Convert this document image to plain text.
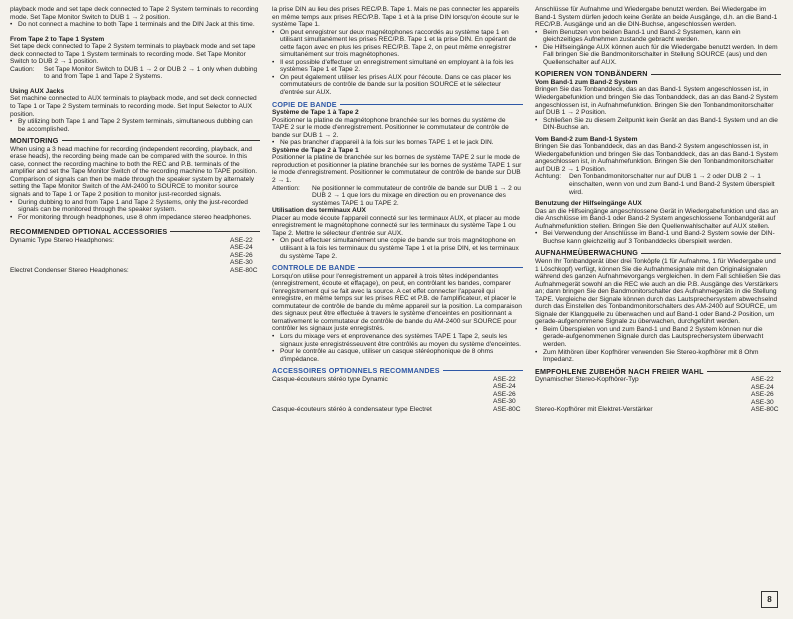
playback mode and set tape deck connected to Tape 2 System terminals to recording mode. Set Tape Monitor Switch to DUB 1 → 2 position.

• Do not connect a machine to both Tape 1 terminals and the DIN Jack at this time.

From Tape 2 to Tape 1 System

Set tape deck connected to Tape 2 System terminals to playback mode and set tape deck connected to Tape 1 System terminals to recording mode. Set Tape Monitor Switch to DUB 2 → 1 position.

Caution:	Set Tape Monitor Switch to DUB 1 → 2 or DUB 2 → 1 only when dubbing to and from Tape 1 and Tape 2 Systems.

Using AUX Jacks

Set machine connected to AUX terminals to playback mode, and set deck connected to Tape 1 or Tape 2 System terminals to recording mode. Set Input Selector to AUX position.

• By utilizing both Tape 1 and Tape 2 System terminals, simultaneous dubbing can be accomplished.

MONITORING

When using a 3 head machine for recording (independent recording, playback, and erase heads), the recording being made can be compared with the source. In this case, connect the recording machine to both the REC and P.B. terminals of the amplifier and set the Tape Monitor Switch of the recording machine to TAPE position. Comparison of signals can then be made through the speaker system by alternately setting the Tape Monitor Switch of the AM-2400 to SOURCE to monitor source signals and to Tape 1 or Tape 2 position to monitor just-recorded signals.

• During dubbing to and from Tape 1 and Tape 2 Systems, only the just-recorded signals can be monitored through the speaker system.

• For monitoring through headphones, use 8 ohm impedance stereo headphones.

RECOMMENDED OPTIONAL ACCESSORIES
Dynamic Type Stereo Headphones:	ASE-22
ASE-24
ASE-26
ASE-30
Electret Condenser Stereo Headphones:	ASE-80C

la prise DIN au lieu des prises REC/P.B. Tape 1. Mais ne pas connecter les appareils en même temps aux prises REC/P.B. Tape 1 et à la prise DIN lorsqu'on écoute sur le système Tape 1.

• On peut enregistrer sur deux magnétophones raccordés au système tape 1 en utilisant simultanément les prises REC/P.B. Tape 1 et la prise DIN. En opérant de cette façon avec en plus les prises REC/P.B. Tape 2, on peut même enregistrer simultanément sur trois magnétophones.

• Il est possible d'effectuer un enregistrement simultané en employant à la fois les systèmes Tape 1 et Tape 2.

• On peut également utiliser les prises AUX pour l'écoute. Dans ce cas placer les commutateurs de contrôle de bande sur la position SOURCE et le sélecteur d'entrée sur AUX.

COPIE DE BANDE

Système de Tape 1 à Tape 2

Positionner la platine de magnétophone branchée sur les bornes du système de TAPE 2 sur le mode d'enregistrement. Positionner le commutateur de contrôle de bande sur DUB 1 → 2.

• Ne pas brancher d'appareil à la fois sur les bornes TAPE 1 et le jack DIN.

Système de Tape 2 à Tape 1

Positionner la platine de branchée sur les bornes de système TAPE 2 sur le mode de reproduction et positionner la platine branchée sur les bornes de système TAPE 1 sur le mode d'enregistrement. Positionner le commutateur de contrôle de bande sur DUB 2 → 1.

Attention:	Ne positionner le commutateur de contrôle de bande sur DUB 1 → 2 ou DUB 2 → 1 que lors du mixage en direction ou en provenance des systèmes TAPE 1 ou TAPE 2.

Utilisation des terminaux AUX

Placer au mode écoute l'appareil connecté sur les terminaux AUX, et placer au mode enregistrement le magnétophone connecté sur les terminaux du système Tape 1 ou Tape 2. Mettre le sélecteur d'entrée sur AUX.

• On peut effectuer simultanément une copie de bande sur trois magnétophone en utilisant à la fois les terminaux du système Tape 1 et la prise DIN, et les terminaux du système Tape 2.

CONTROLE DE BANDE

Lorsqu'on utilise pour l'enregistrement un appareil à trois têtes indépendantes (enregistrement, écoute et effaçage), on peut, en contrôlant les bandes, comparer l'enregistrement qui se fait avec la source. A cet effet connecter l'appareil qui enregistre, en même temps sur les prises REC et P.B. de l'amplificateur, et placer le commutateur de contrôle de bande du même appareil sur la position. La comparaison des signaux peut être effectuée à travers le système d'enceintes en positionnant a ternativement le commutateur de contrôle de bande du AM-2400 sur SOURCE pour contrôler les signaux juste enregistrés.

• Lors du mixage vers et enprovenance des systèmes TAPE 1 Tape 2, seuls les signaux juste enregistrésseuvent être contrôlés au moyen du système d'enceintes.

• Pour le contrôle au casque, utiliser un casque stéréophonique de 8 ohms d'impédance.

ACCESSOIRES OPTIONNELS RECOMMANDES
Casque-écouteurs stéréo type Dynamic	ASE-22
ASE-24
ASE-26
ASE-30
Casque-écouteurs stéréo à condensateur type Electret	ASE-80C

Anschlüsse für Aufnahme und Wiedergabe benutzt werden. Bei Wiedergabe im Band-1 System dürfen jedoch keine Geräte an beide Ausgänge, d.h. an die Band-1 REC/P.B. Ausgänge und an die DIN-Buchse, angeschlossen werden.

• Beim Benutzen von beiden Band-1 und Band-2 Systemen, kann ein gleichzeitiges Aufnehmen zustande gebracht werden.

• Die Hilfseingänge AUX können auch für die Wiedergabe benutzt werden. In dem Fall bringen Sie die Bandmonitorschalter in Stellung SOURCE (aus) und den Quellenschalter auf AUX.

KOPIEREN VON TONBÄNDERN

Vom Band-1 zum Band-2 System

Bringen Sie das Tonbanddeck, das an das Band-1 System angeschlossen ist, in Wiedergabefunktion und bringen Sie das Tonbanddeck, das an das Band-2 System angeschlossen ist, in Aufnahmefunktion. Bringen Sie den Tonbandmonitorschalter auf DUB 1 → 2 Position.

• Schließen Sie zu diesem Zeitpunkt kein Gerät an das Band-1 System und an die DIN-Buchse an.

Vom Band-2 zum Band-1 System

Bringen Sie das Tonbanddeck, das an das Band-2 System angeschlossen ist, in Wiedergabefunktion und bringen Sie das Tonbanddeck, das an das Band-1 System angeschlossen ist, in Aufnahmefunktion. Bringen Sie den Tonbandmonitorschalter auf DUB 2 → 1 Position.

Achtung:	Den Tonbandmonitorschalter nur auf DUB 1 → 2 oder DUB 2 → 1 einschalten, wenn von und zum Band-1 und Band-2 System überspielt wird.

Benutzung der Hilfseingänge AUX

Das an die Hilfseingänge angeschlossene Gerät in Wiedergabefunktion und das an die Anschlüsse im Band-1 oder Band-2 System angeschlossene Tonbandgerät auf Aufnahmefunktion stellen. Bringen Sie den Quellenwahlschalter auf AUX stellen.

• Bei Verwendung der Anschlüsse im Band-1 und Band-2 System sowie der DIN-Buchse kann gleichzeitig auf 3 Tonbanddecks überspielt werden.

AUFNAHMEÜBERWACHUNG

Wenn Ihr Tonbandgerät über drei Tonköpfe (1 für Aufnahme, 1 für Wiedergabe und 1 Löschkopf) verfügt, können Sie die Aufnahmesignale mit den Originalsignalen während des ganzen Aufnahmevorgangs vergleichen. In dem Fall schließen Sie das Aufnahmegerät sowohl an die REC wie auch an die P.B. Ausgänge des Verstärkers an; dann bringen Sie den Bandmonitorschalter des Aufnahmegeräts in die Stellung TAPE. Vergleiche der Signale können durch das Lautsprechersystem abwechselnd durch das Einstellen des Tonbandmonitorschalters des AM-2400 auf SOURCE, um Signale der Klangquelle zu überwachen und auf Band-1 oder Band-2 Position, um gerade-aufgenommene Signale zu überwachen, durchgeführt werden.

• Beim Überspielen von und zum Band-1 und Band 2 System können nur die gerade-aufgenommenen Signale durch das Lautsprechersystem überwacht werden.

• Zum Mithören über Kopfhörer verwenden Sie Stereo-kopfhörer mit 8 Ohm Impedanz.

EMPFOHLENE ZUBEHÖR NACH FREIER WAHL
Dynamischer Stereo-Kopfhörer-Typ	ASE-22
ASE-24
ASE-26
ASE-30
Stereo-Kopfhörer mit Elektret-Verstärker	ASE-80C
8
